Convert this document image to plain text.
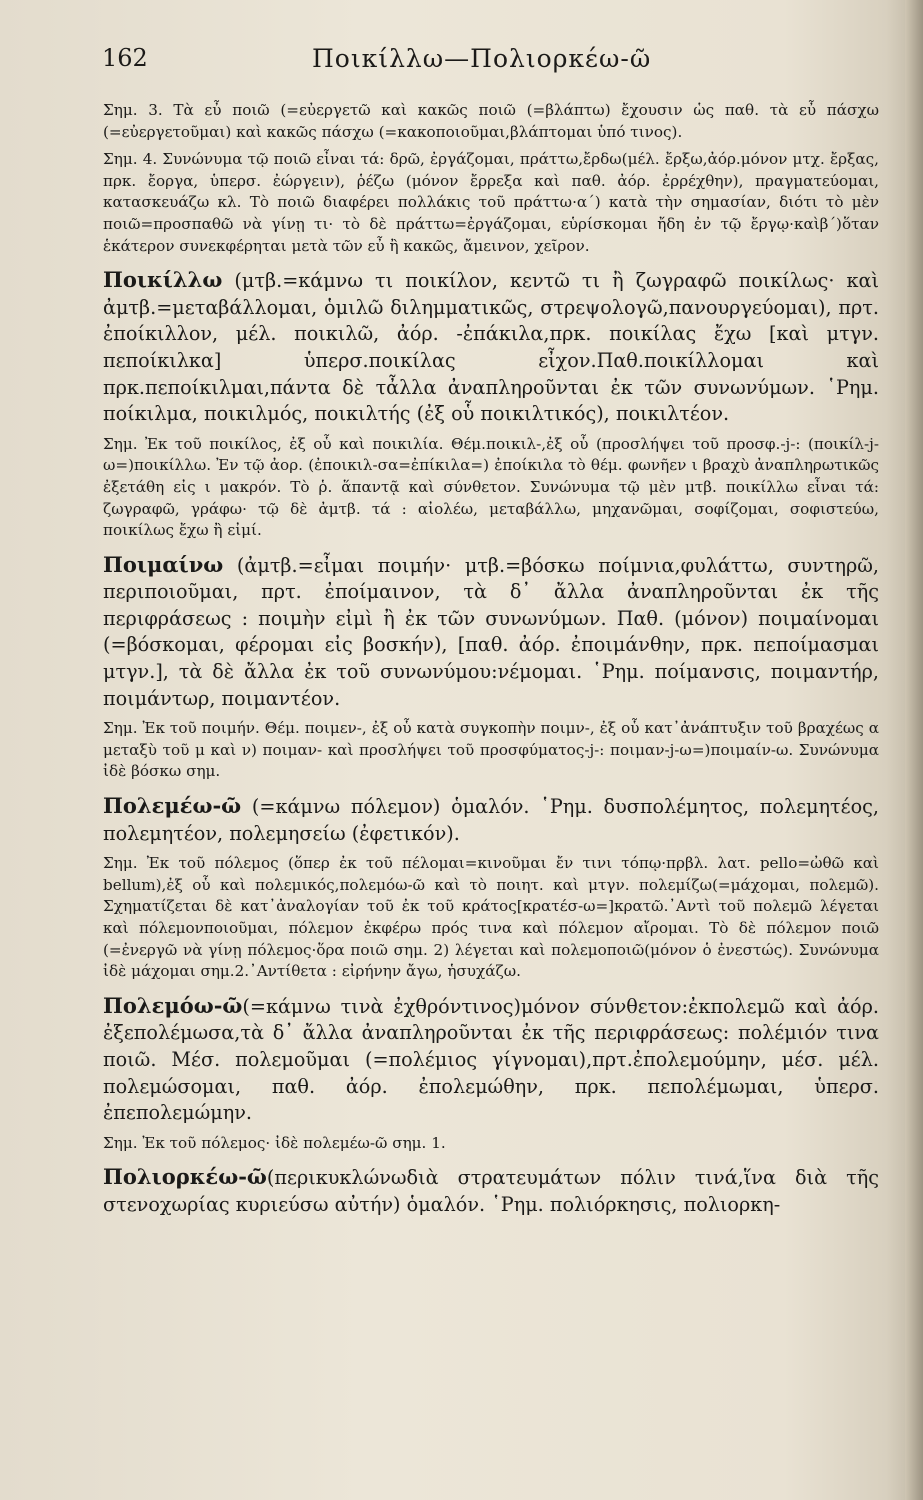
162	Ποικίλλω—Πολιορκέω-ῶ

Σημ. 3. Τὰ εὖ ποιῶ (=εὐεργετῶ καὶ κακῶς ποιῶ (=βλάπτω) ἔχουσιν ὡς παθ. τὰ εὖ πάσχω (=εὐεργετοῦμαι) καὶ κακῶς πάσχω (=κακοποιοῦμαι,βλάπτομαι ὑπό τινος).

Σημ. 4. Συνώνυμα τῷ ποιῶ εἶναι τά: δρῶ, ἐργάζομαι, πράττω,ἔρδω(μέλ. ἔρξω,ἀόρ.μόνον μτχ. ἔρξας, πρκ. ἔοργα, ὑπερσ. ἐώργειν), ῥέζω (μόνον ἔρρεξα καὶ παθ. ἀόρ. ἐρρέχθην), πραγματεύομαι, κατασκευάζω κλ. Τὸ ποιῶ διαφέρει πολλάκις τοῦ πράττω·α΄) κατὰ τὴν σημασίαν, διότι τὸ μὲν ποιῶ=προσπαθῶ νὰ γίνῃ τι· τὸ δὲ πράττω=ἐργάζομαι, εὑρίσκομαι ἤδη ἐν τῷ ἔργῳ·καὶβ΄)ὅταν ἑκάτερον συνεκφέρηται μετὰ τῶν εὖ ἢ κακῶς, ἄμεινον, χεῖρον.

Ποικίλλω (μτβ.=κάμνω τι ποικίλον, κεντῶ τι ἢ ζωγραφῶ ποικίλως· καὶ ἀμτβ.=μεταβάλλομαι, ὁμιλῶ διλημματικῶς, στρεψολογῶ,πανουργεύομαι), πρτ. ἐποίκιλλον, μέλ. ποικιλῶ, ἀόρ. -ἐπάκιλα,πρκ. ποικίλας ἔχω [καὶ μτγν. πεποίκιλκα] ὑπερσ.ποικίλας εἶχον.Παθ.ποικίλλομαι καὶ πρκ.πεποίκιλμαι,πάντα δὲ τἆλλα ἀναπληροῦνται ἐκ τῶν συνωνύμων. ῾Ρημ. ποίκιλμα, ποικιλμός, ποικιλτής (ἐξ οὗ ποικιλτικός), ποικιλτέον.

Σημ. Ἐκ τοῦ ποικίλος, ἐξ οὗ καὶ ποικιλία. Θέμ.ποικιλ-,ἐξ οὗ (προσλήψει τοῦ προσφ.-j-: (ποικίλ-j-ω=)ποικίλλω. Ἐν τῷ ἀορ. (ἐποικιλ-σα=ἐπίκιλα=) ἐποίκιλα τὸ θέμ. φωνῆεν ι βραχὺ ἀναπληρωτικῶς ἐξετάθη εἰς ι μακρόν. Τὸ ῥ. ἅπαντᾷ καὶ σύνθετον. Συνώνυμα τῷ μὲν μτβ. ποικίλλω εἶναι τά: ζωγραφῶ, γράφω· τῷ δὲ ἀμτβ. τά : αἰολέω, μεταβάλλω, μηχανῶμαι, σοφίζομαι, σοφιστεύω, ποικίλως ἔχω ἢ εἰμί.

Ποιμαίνω (ἀμτβ.=εἶμαι ποιμήν· μτβ.=βόσκω ποίμνια,φυλάττω, συντηρῶ, περιποιοῦμαι, πρτ. ἐποίμαινον, τὰ δ᾽ ἄλλα ἀναπληροῦνται ἐκ τῆς περιφράσεως : ποιμὴν εἰμὶ ἢ ἐκ τῶν συνωνύμων. Παθ. (μόνον) ποιμαίνομαι (=βόσκομαι, φέρομαι εἰς βοσκήν), [παθ. ἀόρ. ἐποιμάνθην, πρκ. πεποίμασμαι μτγν.], τὰ δὲ ἄλλα ἐκ τοῦ συνωνύμου:νέμομαι. ῾Ρημ. ποίμανσις, ποιμαντήρ, ποιμάντωρ, ποιμαντέον.

Σημ. Ἐκ τοῦ ποιμήν. Θέμ. ποιμεν-, ἐξ οὗ κατὰ συγκοπὴν ποιμν-, ἐξ οὗ κατ᾽ἀνάπτυξιν τοῦ βραχέως α μεταξὺ τοῦ μ καὶ ν) ποιμαν- καὶ προσλήψει τοῦ προσφύματος-j-: ποιμαν-j-ω=)ποιμαίν-ω. Συνώνυμα ἰδὲ βόσκω σημ.

Πολεμέω-ῶ (=κάμνω πόλεμον) ὁμαλόν. ῾Ρημ. δυσπολέμητος, πολεμητέος, πολεμητέον, πολεμησείω (ἐφετικόν).

Σημ. Ἐκ τοῦ πόλεμος (ὅπερ ἐκ τοῦ πέλομαι=κινοῦμαι ἔν τινι τόπῳ·πρβλ. λατ. pello=ὠθῶ καὶ bellum),ἐξ οὗ καὶ πολεμικός,πολεμόω-ῶ καὶ τὸ ποιητ. καὶ μτγν. πολεμίζω(=μάχομαι, πολεμῶ). Σχηματίζεται δὲ κατ᾽ἀναλογίαν τοῦ ἐκ τοῦ κράτος[κρατέσ-ω=]κρατῶ.᾽Αντὶ τοῦ πολεμῶ λέγεται καὶ πόλεμονποιοῦμαι, πόλεμον ἐκφέρω πρός τινα καὶ πόλεμον αἴρομαι. Τὸ δὲ πόλεμον ποιῶ (=ἐνεργῶ νὰ γίνῃ πόλεμος·ὅρα ποιῶ σημ. 2) λέγεται καὶ πολεμοποιῶ(μόνον ὁ ἐνεστώς). Συνώνυμα ἰδὲ μάχομαι σημ.2.᾽Αντίθετα : εἰρήνην ἄγω, ἡσυχάζω.

Πολεμόω-ῶ(=κάμνω τινὰ ἐχθρόντινος)μόνον σύνθετον:ἐκπολεμῶ καὶ ἀόρ. ἐξεπολέμωσα,τὰ δ᾽ ἄλλα ἀναπληροῦνται ἐκ τῆς περιφράσεως: πολέμιόν τινα ποιῶ. Μέσ. πολεμοῦμαι (=πολέμιος γίγνομαι),πρτ.ἐπολεμούμην, μέσ. μέλ. πολεμώσομαι, παθ. ἀόρ. ἐπολεμώθην, πρκ. πεπολέμωμαι, ὑπερσ. ἐπεπολεμώμην.

Σημ. Ἐκ τοῦ πόλεμος· ἰδὲ πολεμέω-ῶ σημ. 1.

Πολιορκέω-ῶ(περικυκλώνωδιὰ στρατευμάτων πόλιν τινά,ἵνα διὰ τῆς στενοχωρίας κυριεύσω αὐτήν) ὁμαλόν. ῾Ρημ. πολιόρκησις, πολιορκη-
